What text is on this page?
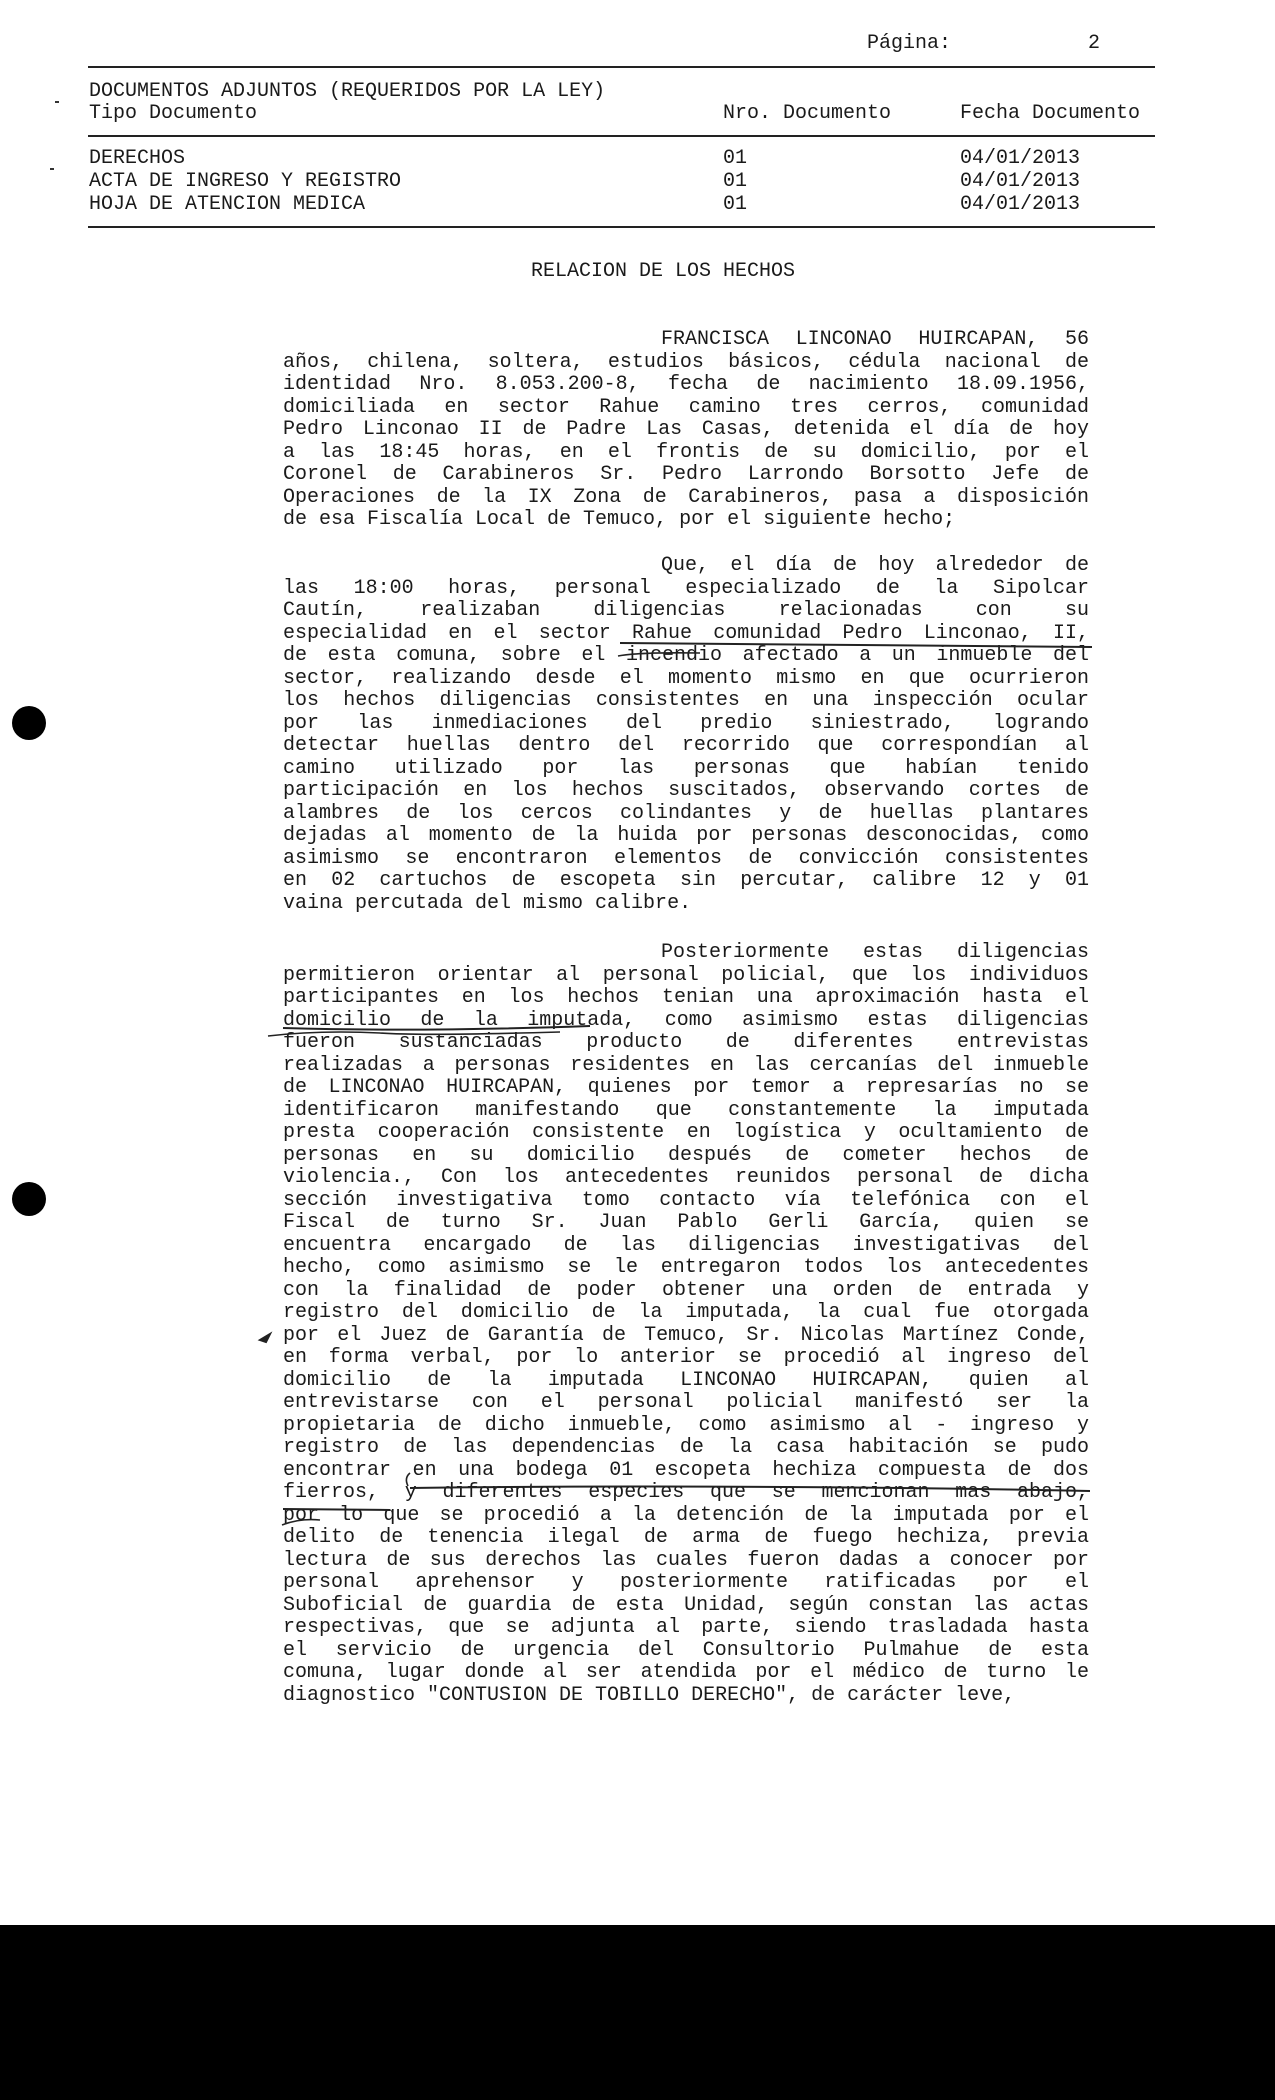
Página:	2
DOCUMENTOS ADJUNTOS (REQUERIDOS POR LA LEY)
Tipo Documento	Nro. Documento	Fecha Documento
DERECHOS	01	04/01/2013
ACTA DE INGRESO Y REGISTRO	01	04/01/2013
HOJA DE ATENCION MEDICA	01	04/01/2013
RELACION DE LOS HECHOS
FRANCISCA LINCONAO HUIRCAPAN, 56
años, chilena, soltera, estudios básicos, cédula nacional de
identidad Nro. 8.053.200-8, fecha de nacimiento 18.09.1956,
domiciliada en sector Rahue camino tres cerros, comunidad
Pedro Linconao II de Padre Las Casas, detenida el día de hoy
a las 18:45 horas, en el frontis de su domicilio, por el
Coronel de Carabineros Sr. Pedro Larrondo Borsotto Jefe de
Operaciones de la IX Zona de Carabineros, pasa a disposición
de esa Fiscalía Local de Temuco, por el siguiente hecho;
Que, el día de hoy alrededor de
las 18:00 horas, personal especializado de la Sipolcar
Cautín, realizaban diligencias relacionadas con su
especialidad en el sector Rahue comunidad Pedro Linconao, II,
de esta comuna, sobre el incendio afectado a un inmueble del
sector, realizando desde el momento mismo en que ocurrieron
los hechos diligencias consistentes en una inspección ocular
por las inmediaciones del predio siniestrado, logrando
detectar huellas dentro del recorrido que correspondían al
camino utilizado por las personas que habían tenido
participación en los hechos suscitados, observando cortes de
alambres de los cercos colindantes y de huellas plantares
dejadas al momento de la huida por personas desconocidas, como
asimismo se encontraron elementos de convicción consistentes
en 02 cartuchos de escopeta sin percutar, calibre 12 y 01
vaina percutada del mismo calibre.
Posteriormente estas diligencias
permitieron orientar al personal policial, que los individuos
participantes en los hechos tenian una aproximación hasta el
domicilio de la imputada, como asimismo estas diligencias
fueron sustanciadas producto de diferentes entrevistas
realizadas a personas residentes en las cercanías del inmueble
de LINCONAO HUIRCAPAN, quienes por temor a represarías no se
identificaron manifestando que constantemente la imputada
presta cooperación consistente en logística y ocultamiento de
personas en su domicilio después de cometer hechos de
violencia., Con los antecedentes reunidos personal de dicha
sección investigativa tomo contacto vía telefónica con el
Fiscal de turno Sr. Juan Pablo Gerli García, quien se
encuentra encargado de las diligencias investigativas del
hecho, como asimismo se le entregaron todos los antecedentes
con la finalidad de poder obtener una orden de entrada y
registro del domicilio de la imputada, la cual fue otorgada
por el Juez de Garantía de Temuco, Sr. Nicolas Martínez Conde,
en forma verbal, por lo anterior se procedió al ingreso del
domicilio de la imputada LINCONAO HUIRCAPAN, quien al
entrevistarse con el personal policial manifestó ser la
propietaria de dicho inmueble, como asimismo al - ingreso y
registro de las dependencias de la casa habitación se pudo
encontrar en una bodega 01 escopeta hechiza compuesta de dos
fierros, y diferentes especies que se mencionan mas abajo,
por lo que se procedió a la detención de la imputada por el
delito de tenencia ilegal de arma de fuego hechiza, previa
lectura de sus derechos las cuales fueron dadas a conocer por
personal aprehensor y posteriormente ratificadas por el
Suboficial de guardia de esta Unidad, según constan las actas
respectivas, que se adjunta al parte, siendo trasladada hasta
el servicio de urgencia del Consultorio Pulmahue de esta
comuna, lugar donde al ser atendida por el médico de turno le
diagnostico "CONTUSION DE TOBILLO DERECHO", de carácter leve,
